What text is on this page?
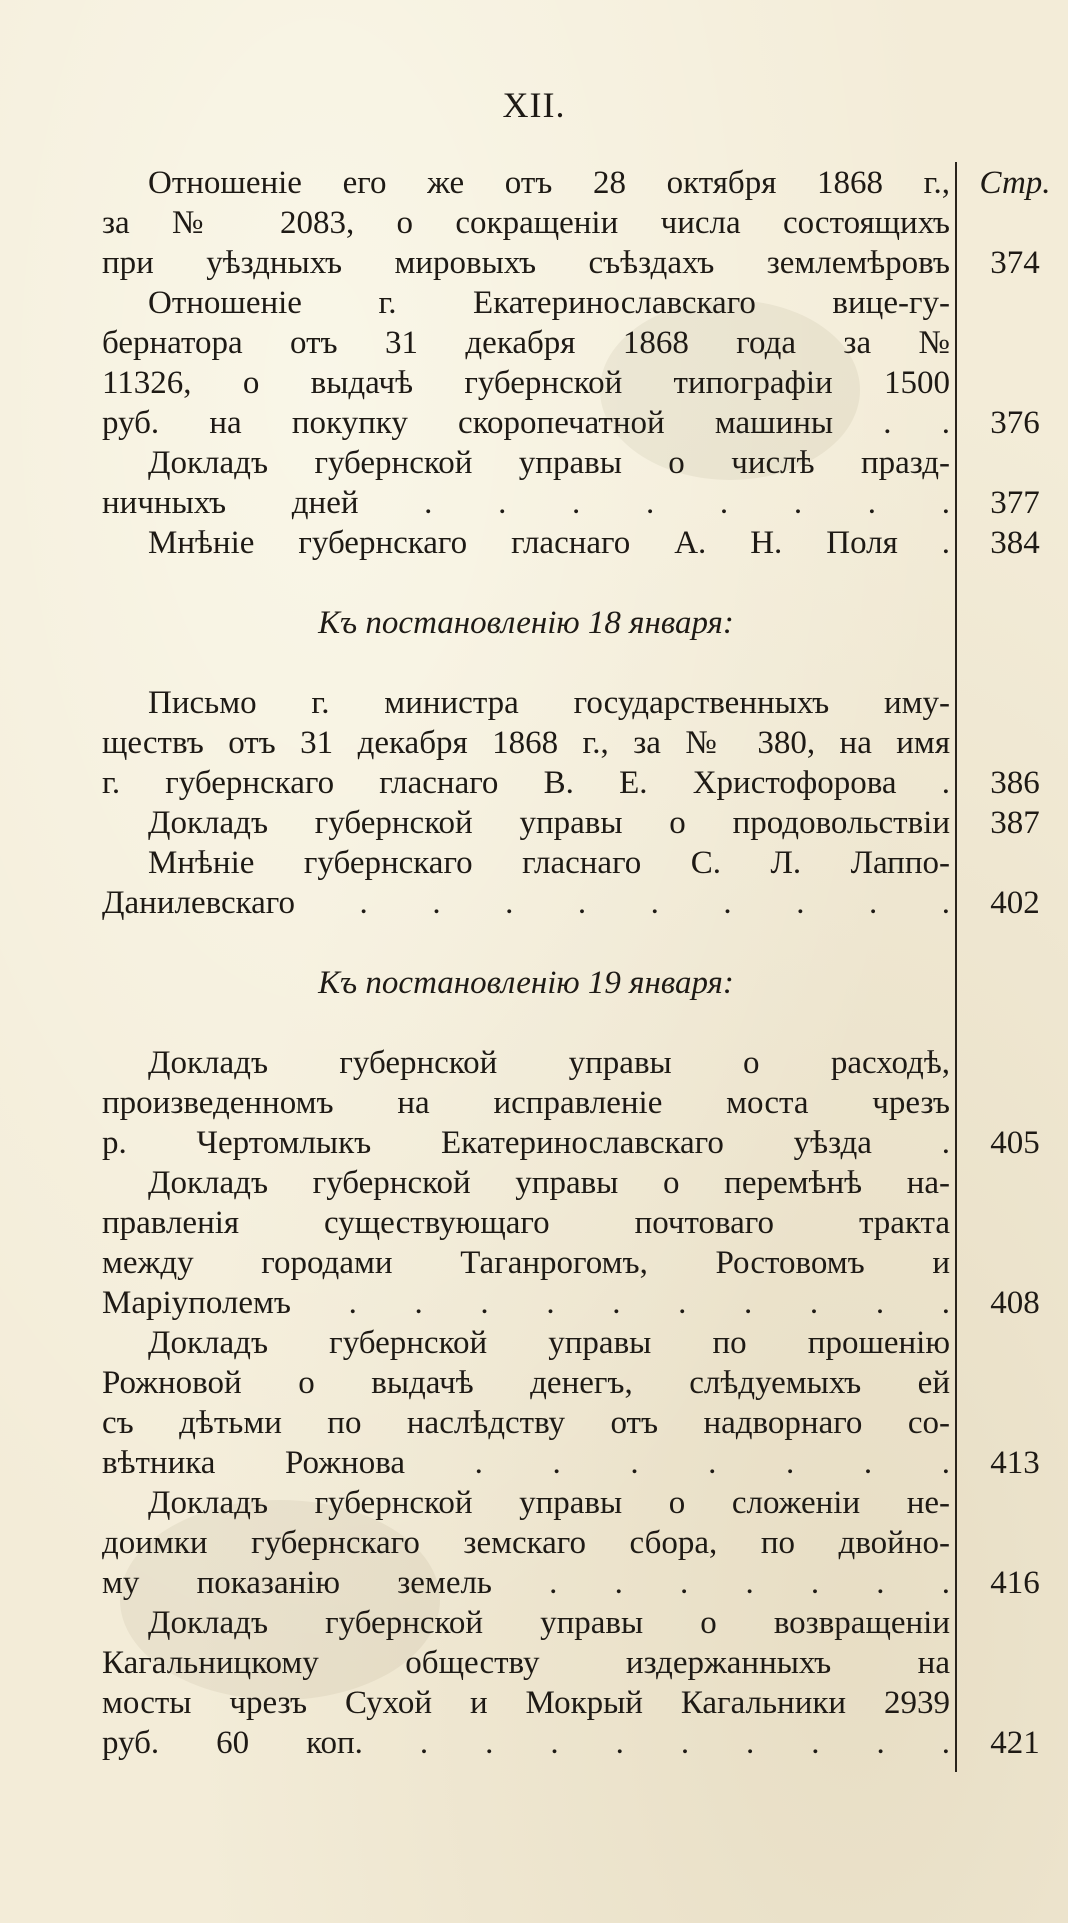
XII.
Стр.
Отношеніе его же отъ 28 октября 1868 г.,
за № 2083, о сокращеніи числа состоящихъ
при уѣздныхъ мировыхъ съѣздахъ землемѣровъ	374
Отношеніе г. Екатеринославскаго вице-гу-
бернатора отъ 31 декабря 1868 года за №
11326, о выдачѣ губернской типографіи 1500
руб. на покупку скоропечатной машины . .	376
Докладъ губернской управы о числѣ празд-
ничныхъ дней . . . . . . . .	377
Мнѣніе губернскаго гласнаго А. Н. Поля .	384
Къ постановленію 18 января:
Письмо г. министра государственныхъ иму-
ществъ отъ 31 декабря 1868 г., за № 380, на имя
г. губернскаго гласнаго В. Е. Христофорова .	386
Докладъ губернской управы о продовольствіи	387
Мнѣніе губернскаго гласнаго С. Л. Лаппо-
Данилевскаго . . . . . . . . .	402
Къ постановленію 19 января:
Докладъ губернской управы о расходѣ,
произведенномъ на исправленіе моста чрезъ
р. Чертомлыкъ Екатеринославскаго уѣзда .	405
Докладъ губернской управы о перемѣнѣ на-
правленія существующаго почтоваго тракта
между городами Таганрогомъ, Ростовомъ и
Маріуполемъ . . . . . . . . . .	408
Докладъ губернской управы по прошенію
Рожновой о выдачѣ денегъ, слѣдуемыхъ ей
съ дѣтьми по наслѣдству отъ надворнаго со-
вѣтника Рожнова . . . . . . .	413
Докладъ губернской управы о сложеніи не-
доимки губернскаго земскаго сбора, по двойно-
му показанію земель . . . . . . .	416
Докладъ губернской управы о возвращеніи
Кагальницкому обществу издержанныхъ на
мосты чрезъ Сухой и Мокрый Кагальники 2939
руб. 60 коп. . . . . . . . . .	421
